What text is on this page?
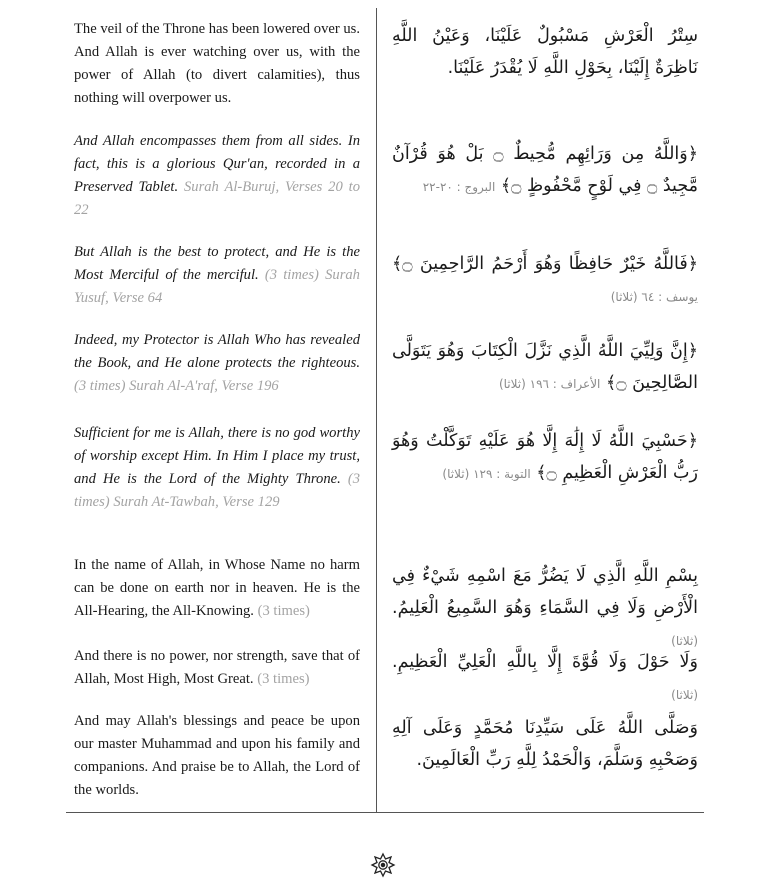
The veil of the Throne has been lowered over us. And Allah is ever watching over us, with the power of Allah (to divert calamities), thus nothing will overpower us.

سِتْرُ الْعَرْشِ مَسْبُولٌ عَلَيْنَا، وَعَيْنُ اللَّهِ نَاظِرَةٌ إِلَيْنَا، بِحَوْلِ اللَّهِ لَا يُقْدَرُ عَلَيْنَا.

And Allah encompasses them from all sides. In fact, this is a glorious Qur'an, recorded in a Preserved Tablet. Surah Al-Buruj, Verses 20 to 22

﴿وَاللَّهُ مِن وَرَائِهِم مُّحِيطٌ ۝ بَلْ هُوَ قُرْآنٌ مَّجِيدٌ ۝ فِي لَوْحٍ مَّحْفُوظٍ ۝﴾ البروج : ٢٠-٢٢

But Allah is the best to protect, and He is the Most Merciful of the merciful. (3 times) Surah Yusuf, Verse 64

﴿فَاللَّهُ خَيْرٌ حَافِظًا وَهُوَ أَرْحَمُ الرَّاحِمِينَ ۝﴾ يوسف : ٦٤ (ثلاثا)

Indeed, my Protector is Allah Who has revealed the Book, and He alone protects the righteous. (3 times) Surah Al-A'raf, Verse 196

﴿إِنَّ وَلِيِّيَ اللَّهُ الَّذِي نَزَّلَ الْكِتَابَ وَهُوَ يَتَوَلَّى الصَّالِحِينَ ۝﴾ الأعراف : ١٩٦ (ثلاثا)

Sufficient for me is Allah, there is no god worthy of worship except Him. In Him I place my trust, and He is the Lord of the Mighty Throne. (3 times) Surah At-Tawbah, Verse 129

﴿حَسْبِيَ اللَّهُ لَا إِلَٰهَ إِلَّا هُوَ عَلَيْهِ تَوَكَّلْتُ وَهُوَ رَبُّ الْعَرْشِ الْعَظِيمِ ۝﴾ التوبة : ١٢٩ (ثلاثا)

In the name of Allah, in Whose Name no harm can be done on earth nor in heaven. He is the All-Hearing, the All-Knowing. (3 times)

بِسْمِ اللَّهِ الَّذِي لَا يَضُرُّ مَعَ اسْمِهِ شَيْءٌ فِي الْأَرْضِ وَلَا فِي السَّمَاءِ وَهُوَ السَّمِيعُ الْعَلِيمُ. (ثلاثا)

And there is no power, nor strength, save that of Allah, Most High, Most Great. (3 times)

وَلَا حَوْلَ وَلَا قُوَّةَ إِلَّا بِاللَّهِ الْعَلِيِّ الْعَظِيمِ. (ثلاثا)

And may Allah's blessings and peace be upon our master Muhammad and upon his family and companions. And praise be to Allah, the Lord of the worlds.

وَصَلَّى اللَّهُ عَلَى سَيِّدِنَا مُحَمَّدٍ وَعَلَى آلِهِ وَصَحْبِهِ وَسَلَّمَ، وَالْحَمْدُ لِلَّهِ رَبِّ الْعَالَمِينَ.
